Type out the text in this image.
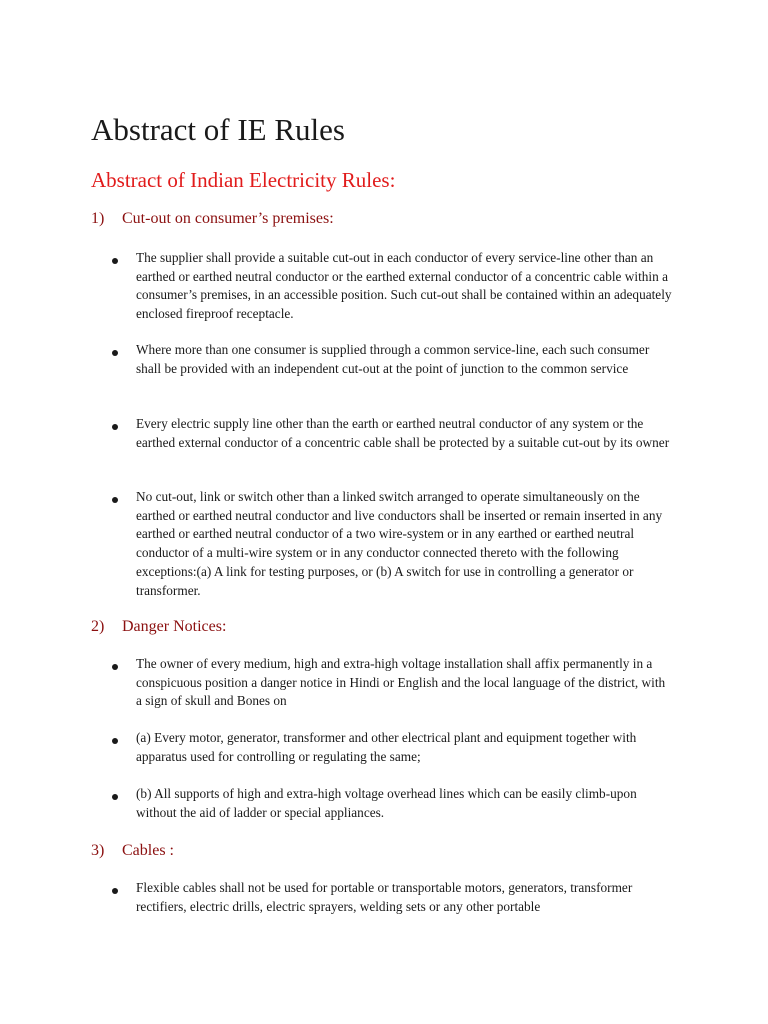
Abstract of IE Rules
Abstract of Indian Electricity Rules:
1) Cut-out on consumer’s premises:
The supplier shall provide a suitable cut-out in each conductor of every service-line other than an earthed or earthed neutral conductor or the earthed external conductor of a concentric cable within a consumer’s premises, in an accessible position. Such cut-out shall be contained within an adequately enclosed fireproof receptacle.
Where more than one consumer is supplied through a common service-line, each such consumer shall be provided with an independent cut-out at the point of junction to the common service
Every electric supply line other than the earth or earthed neutral conductor of any system or the earthed external conductor of a concentric cable shall be protected by a suitable cut-out by its owner
No cut-out, link or switch other than a linked switch arranged to operate simultaneously on the earthed or earthed neutral conductor and live conductors shall be inserted or remain inserted in any earthed or earthed neutral conductor of a two wire-system or in any earthed or earthed neutral conductor of a multi-wire system or in any conductor connected thereto with the following exceptions:(a) A link for testing purposes, or (b) A switch for use in controlling a generator or transformer.
2) Danger Notices:
The owner of every medium, high and extra-high voltage installation shall affix permanently in a conspicuous position a danger notice in Hindi or English and the local language of the district, with a sign of skull and Bones on
(a) Every motor, generator, transformer and other electrical plant and equipment together with apparatus used for controlling or regulating the same;
(b) All supports of high and extra-high voltage overhead lines which can be easily climb-upon without the aid of ladder or special appliances.
3) Cables :
Flexible cables shall not be used for portable or transportable motors, generators, transformer rectifiers, electric drills, electric sprayers, welding sets or any other portable
